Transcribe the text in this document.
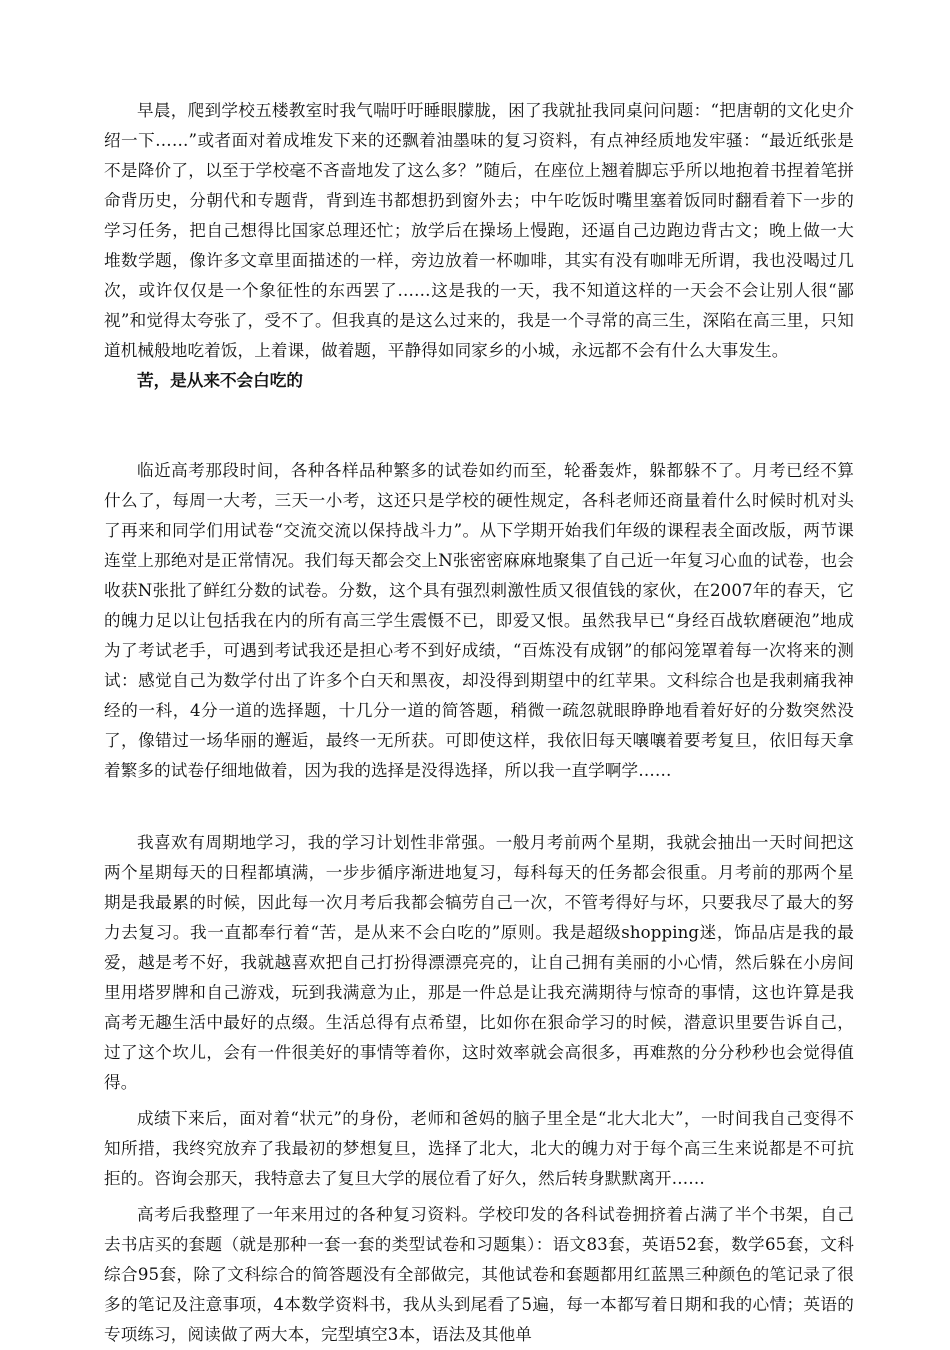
早晨，爬到学校五楼教室时我气喘吁吁睡眼朦胧，困了我就扯我同桌问问题：“把唐朝的文化史介绍一下……”或者面对着成堆发下来的还飘着油墨味的复习资料，有点神经质地发牢骚：“最近纸张是不是降价了，以至于学校毫不吝啬地发了这么多？”随后，在座位上翘着脚忘乎所以地抱着书捏着笔拼命背历史，分朝代和专题背，背到连书都想扔到窗外去；中午吃饭时嘴里塞着饭同时翻看着下一步的学习任务，把自己想得比国家总理还忙；放学后在操场上慢跑，还逼自己边跑边背古文；晚上做一大堆数学题，像许多文章里面描述的一样，旁边放着一杯咖啡，其实有没有咖啡无所谓，我也没喝过几次，或许仅仅是一个象征性的东西罢了……这是我的一天，我不知道这样的一天会不会让别人很“鄙视”和觉得太夸张了，受不了。但我真的是这么过来的，我是一个寻常的高三生，深陷在高三里，只知道机械般地吃着饭，上着课，做着题，平静得如同家乡的小城，永远都不会有什么大事发生。

苦，是从来不会白吃的

临近高考那段时间，各种各样品种繁多的试卷如约而至，轮番轰炸，躲都躲不了。月考已经不算什么了，每周一大考，三天一小考，这还只是学校的硬性规定，各科老师还商量着什么时候时机对头了再来和同学们用试卷“交流交流以保持战斗力”。从下学期开始我们年级的课程表全面改版，两节课连堂上那绝对是正常情况。我们每天都会交上N张密密麻麻地聚集了自己近一年复习心血的试卷，也会收获N张批了鲜红分数的试卷。分数，这个具有强烈刺激性质又很值钱的家伙，在2007年的春天，它的魄力足以让包括我在内的所有高三学生震慑不已，即爱又恨。虽然我早已“身经百战软磨硬泡”地成为了考试老手，可遇到考试我还是担心考不到好成绩，“百炼没有成钢”的郁闷笼罩着每一次将来的测试：感觉自己为数学付出了许多个白天和黑夜，却没得到期望中的红苹果。文科综合也是我刺痛我神经的一科，4分一道的选择题，十几分一道的简答题，稍微一疏忽就眼睁睁地看着好好的分数突然没了，像错过一场华丽的邂逅，最终一无所获。可即使这样，我依旧每天嚷嚷着要考复旦，依旧每天拿着繁多的试卷仔细地做着，因为我的选择是没得选择，所以我一直学啊学……

我喜欢有周期地学习，我的学习计划性非常强。一般月考前两个星期，我就会抽出一天时间把这两个星期每天的日程都填满，一步步循序渐进地复习，每科每天的任务都会很重。月考前的那两个星期是我最累的时候，因此每一次月考后我都会犒劳自己一次，不管考得好与坏，只要我尽了最大的努力去复习。我一直都奉行着“苦，是从来不会白吃的”原则。我是超级shopping迷，饰品店是我的最爱，越是考不好，我就越喜欢把自己打扮得漂漂亮亮的，让自己拥有美丽的小心情，然后躲在小房间里用塔罗牌和自己游戏，玩到我满意为止，那是一件总是让我充满期待与惊奇的事情，这也许算是我高考无趣生活中最好的点缀。生活总得有点希望，比如你在狠命学习的时候，潜意识里要告诉自己，过了这个坎儿，会有一件很美好的事情等着你，这时效率就会高很多，再难熬的分分秒秒也会觉得值得。

成绩下来后，面对着“状元”的身份，老师和爸妈的脑子里全是“北大北大”，一时间我自己变得不知所措，我终究放弃了我最初的梦想复旦，选择了北大，北大的魄力对于每个高三生来说都是不可抗拒的。咨询会那天，我特意去了复旦大学的展位看了好久，然后转身默默离开……

高考后我整理了一年来用过的各种复习资料。学校印发的各科试卷拥挤着占满了半个书架，自己去书店买的套题（就是那种一套一套的类型试卷和习题集）：语文83套，英语52套，数学65套，文科综合95套，除了文科综合的简答题没有全部做完，其他试卷和套题都用红蓝黑三种颜色的笔记录了很多的笔记及注意事项，4本数学资料书，我从头到尾看了5遍，每一本都写着日期和我的心情；英语的专项练习，阅读做了两大本，完型填空3本，语法及其他单
